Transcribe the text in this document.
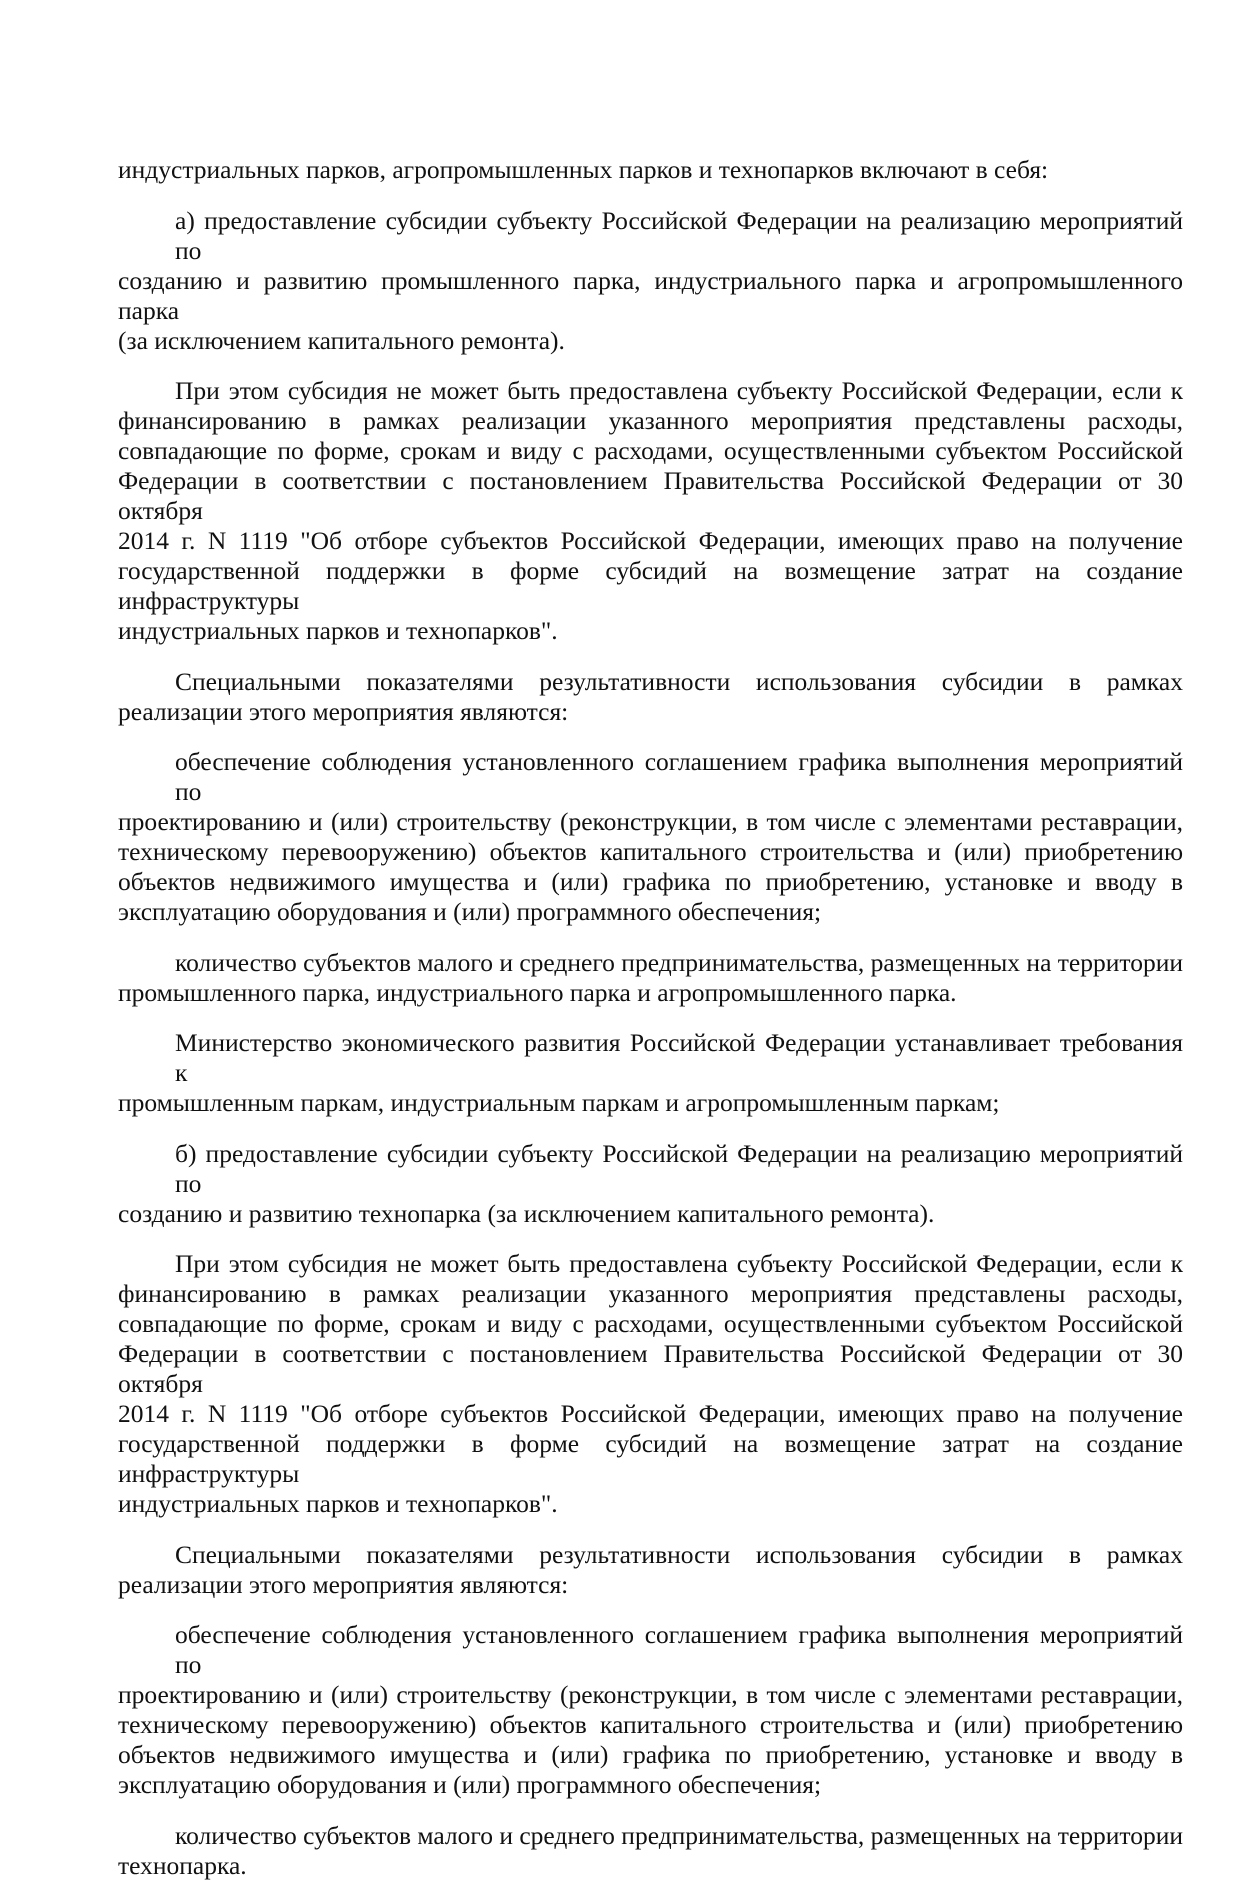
индустриальных парков, агропромышленных парков и технопарков включают в себя:
а) предоставление субсидии субъекту Российской Федерации на реализацию мероприятий по
созданию и развитию промышленного парка, индустриального парка и агропромышленного парка
(за исключением капитального ремонта).
При этом субсидия не может быть предоставлена субъекту Российской Федерации, если к
финансированию в рамках реализации указанного мероприятия представлены расходы,
совпадающие по форме, срокам и виду с расходами, осуществленными субъектом Российской
Федерации в соответствии с постановлением Правительства Российской Федерации от 30 октября
2014 г. N 1119 "Об отборе субъектов Российской Федерации, имеющих право на получение
государственной поддержки в форме субсидий на возмещение затрат на создание инфраструктуры
индустриальных парков и технопарков".
Специальными показателями результативности использования субсидии в рамках
реализации этого мероприятия являются:
обеспечение соблюдения установленного соглашением графика выполнения мероприятий по
проектированию и (или) строительству (реконструкции, в том числе с элементами реставрации,
техническому перевооружению) объектов капитального строительства и (или) приобретению
объектов недвижимого имущества и (или) графика по приобретению, установке и вводу в
эксплуатацию оборудования и (или) программного обеспечения;
количество субъектов малого и среднего предпринимательства, размещенных на территории
промышленного парка, индустриального парка и агропромышленного парка.
Министерство экономического развития Российской Федерации устанавливает требования к
промышленным паркам, индустриальным паркам и агропромышленным паркам;
б) предоставление субсидии субъекту Российской Федерации на реализацию мероприятий по
созданию и развитию технопарка (за исключением капитального ремонта).
При этом субсидия не может быть предоставлена субъекту Российской Федерации, если к
финансированию в рамках реализации указанного мероприятия представлены расходы,
совпадающие по форме, срокам и виду с расходами, осуществленными субъектом Российской
Федерации в соответствии с постановлением Правительства Российской Федерации от 30 октября
2014 г. N 1119 "Об отборе субъектов Российской Федерации, имеющих право на получение
государственной поддержки в форме субсидий на возмещение затрат на создание инфраструктуры
индустриальных парков и технопарков".
Специальными показателями результативности использования субсидии в рамках
реализации этого мероприятия являются:
обеспечение соблюдения установленного соглашением графика выполнения мероприятий по
проектированию и (или) строительству (реконструкции, в том числе с элементами реставрации,
техническому перевооружению) объектов капитального строительства и (или) приобретению
объектов недвижимого имущества и (или) графика по приобретению, установке и вводу в
эксплуатацию оборудования и (или) программного обеспечения;
количество субъектов малого и среднего предпринимательства, размещенных на территории
технопарка.
